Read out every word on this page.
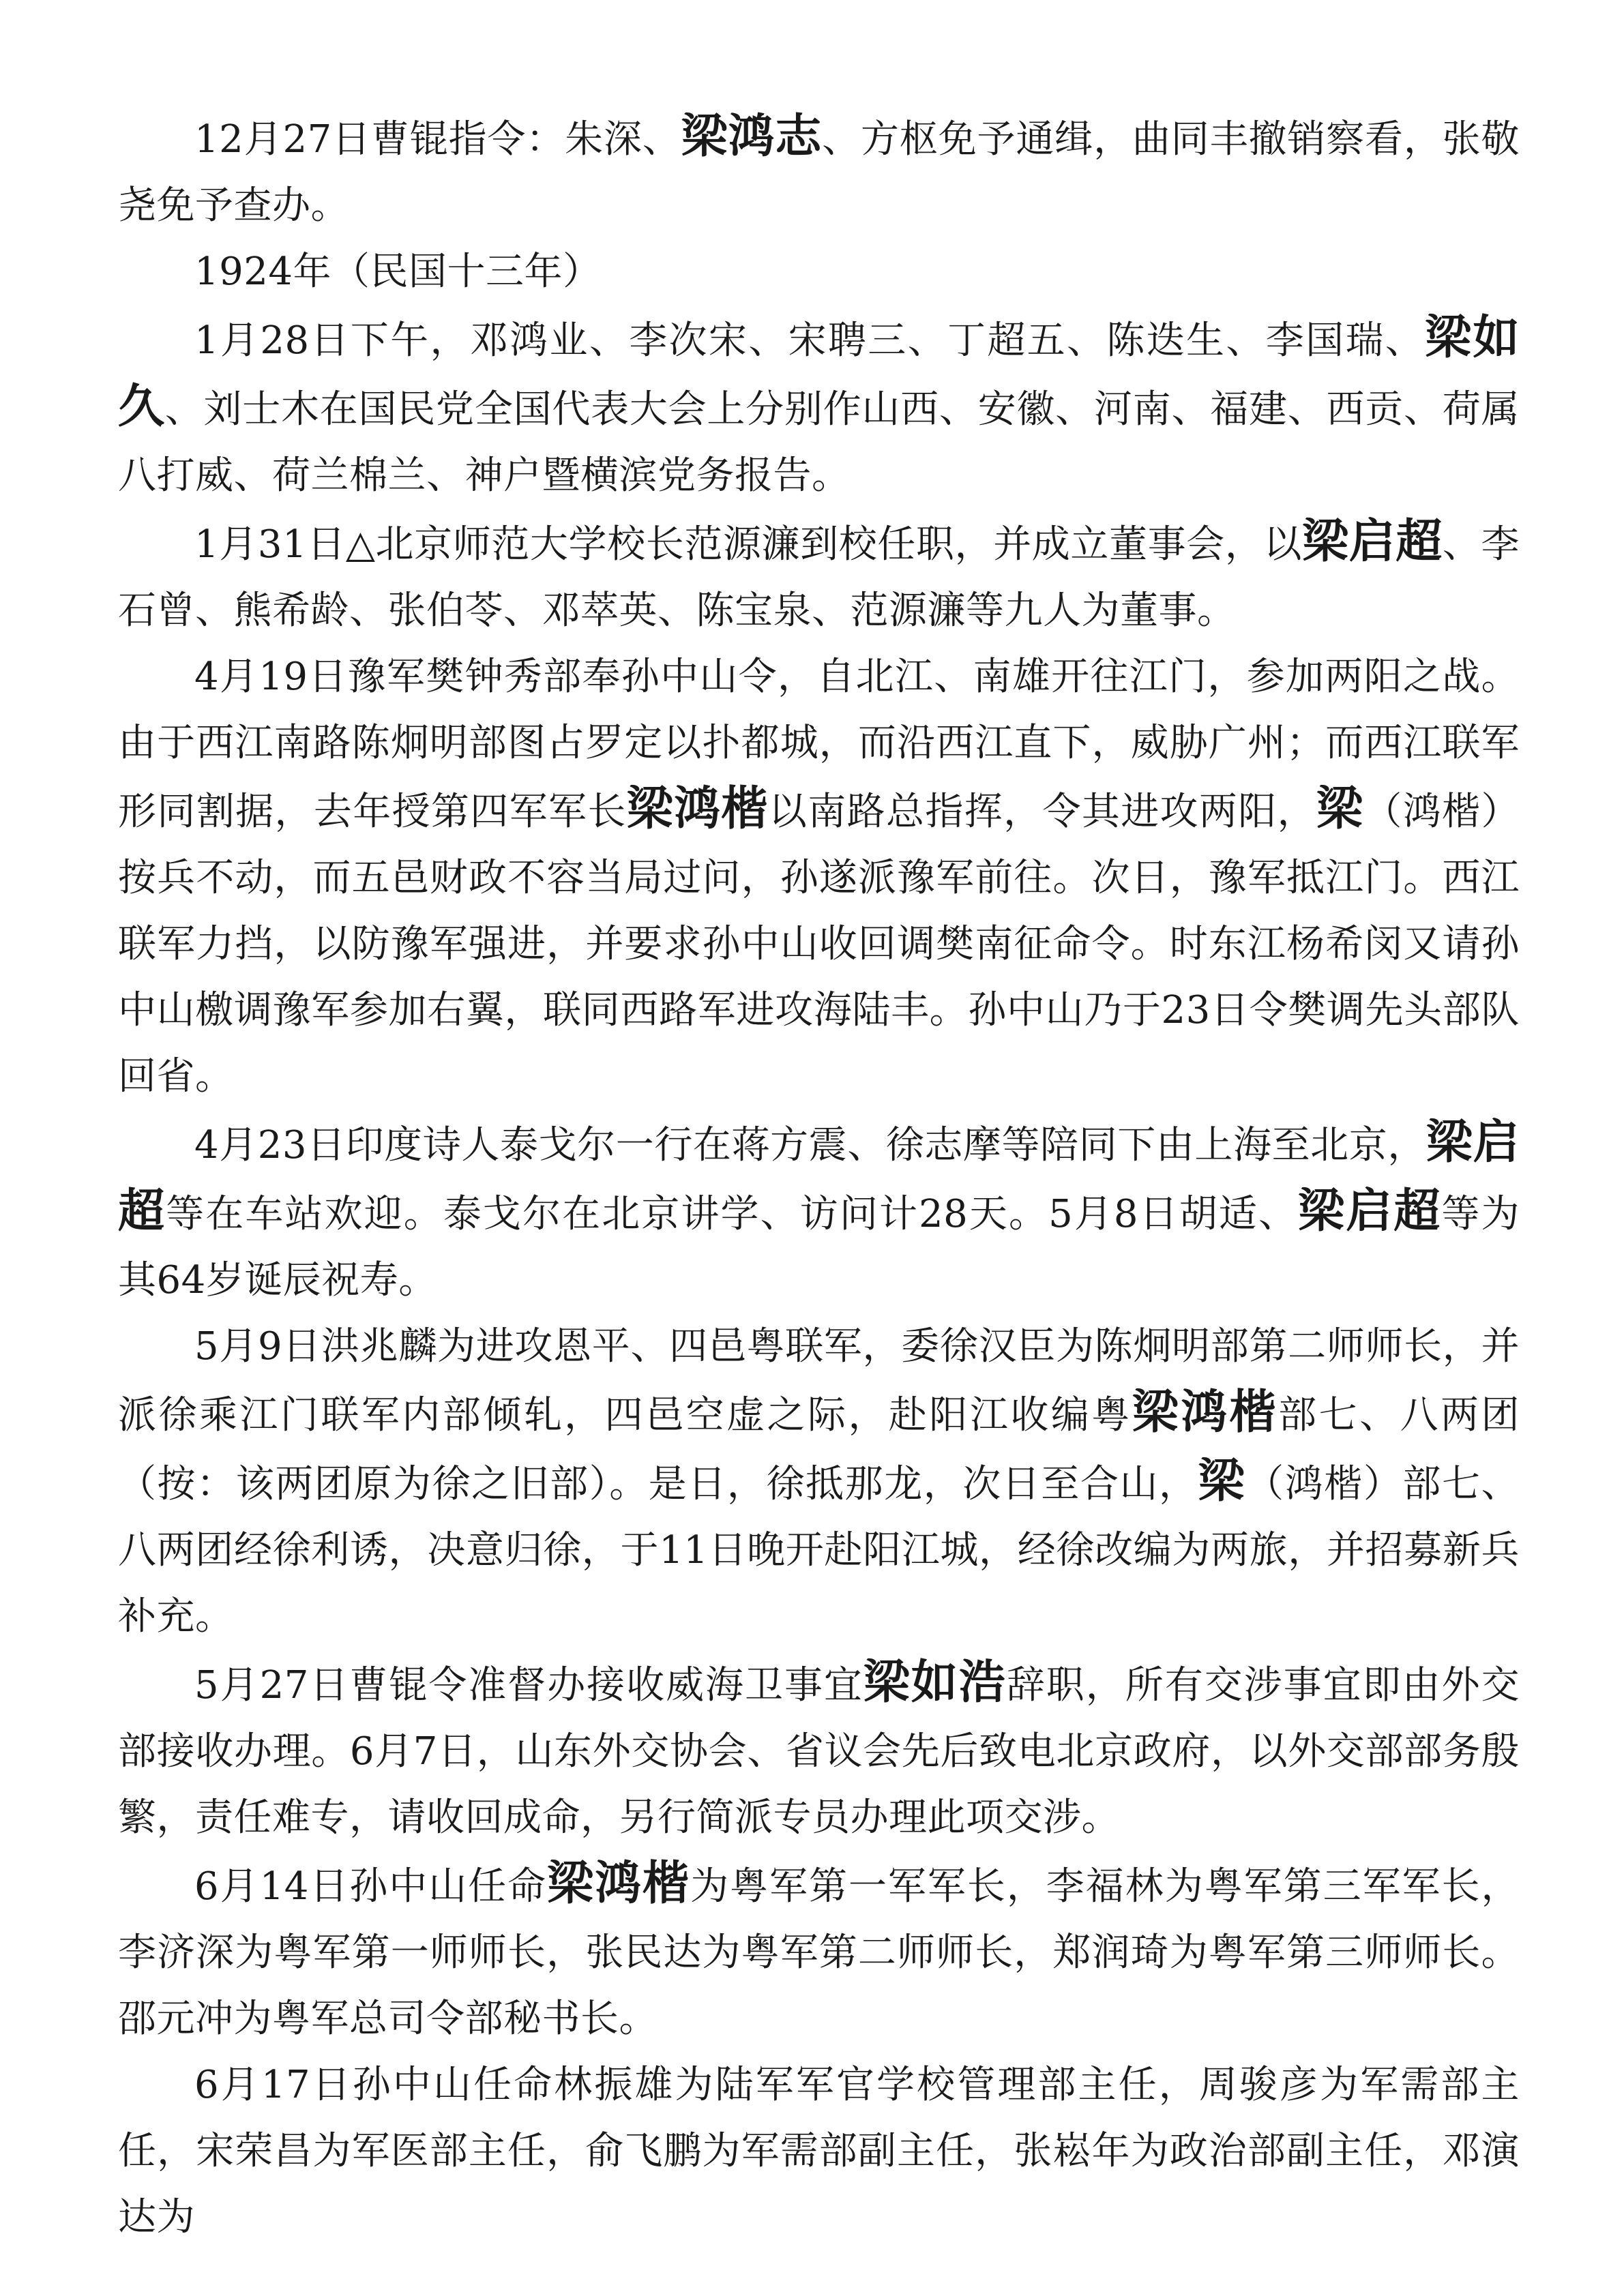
12月27日曹锟指令：朱深、梁鸿志、方枢免予通缉，曲同丰撤销察看，张敬尧免予查办。

1924年（民国十三年）

1月28日下午，邓鸿业、李次宋、宋聘三、丁超五、陈迭生、李国瑞、梁如久、刘士木在国民党全国代表大会上分别作山西、安徽、河南、福建、西贡、荷属八打威、荷兰棉兰、神户暨横滨党务报告。

1月31日△北京师范大学校长范源濂到校任职，并成立董事会，以梁启超、李石曾、熊希龄、张伯苓、邓萃英、陈宝泉、范源濂等九人为董事。

4月19日豫军樊钟秀部奉孙中山令，自北江、南雄开往江门，参加两阳之战。由于西江南路陈炯明部图占罗定以扑都城，而沿西江直下，威胁广州；而西江联军形同割据，去年授第四军军长梁鸿楷以南路总指挥，令其进攻两阳，梁（鸿楷）按兵不动，而五邑财政不容当局过问，孙遂派豫军前往。次日，豫军抵江门。西江联军力挡，以防豫军强进，并要求孙中山收回调樊南征命令。时东江杨希闵又请孙中山檄调豫军参加右翼，联同西路军进攻海陆丰。孙中山乃于23日令樊调先头部队回省。

4月23日印度诗人泰戈尔一行在蒋方震、徐志摩等陪同下由上海至北京，梁启超等在车站欢迎。泰戈尔在北京讲学、访问计28天。5月8日胡适、梁启超等为其64岁诞辰祝寿。

5月9日洪兆麟为进攻恩平、四邑粤联军，委徐汉臣为陈炯明部第二师师长，并派徐乘江门联军内部倾轧，四邑空虚之际，赴阳江收编粤梁鸿楷部七、八两团（按：该两团原为徐之旧部）。是日，徐抵那龙，次日至合山，梁（鸿楷）部七、八两团经徐利诱，决意归徐，于11日晚开赴阳江城，经徐改编为两旅，并招募新兵补充。

5月27日曹锟令准督办接收威海卫事宜梁如浩辞职，所有交涉事宜即由外交部接收办理。6月7日，山东外交协会、省议会先后致电北京政府，以外交部部务殷繁，责任难专，请收回成命，另行简派专员办理此项交涉。

6月14日孙中山任命梁鸿楷为粤军第一军军长，李福林为粤军第三军军长，李济深为粤军第一师师长，张民达为粤军第二师师长，郑润琦为粤军第三师师长。邵元冲为粤军总司令部秘书长。

6月17日孙中山任命林振雄为陆军军官学校管理部主任，周骏彦为军需部主任，宋荣昌为军医部主任，俞飞鹏为军需部副主任，张崧年为政治部副主任，邓演达为
